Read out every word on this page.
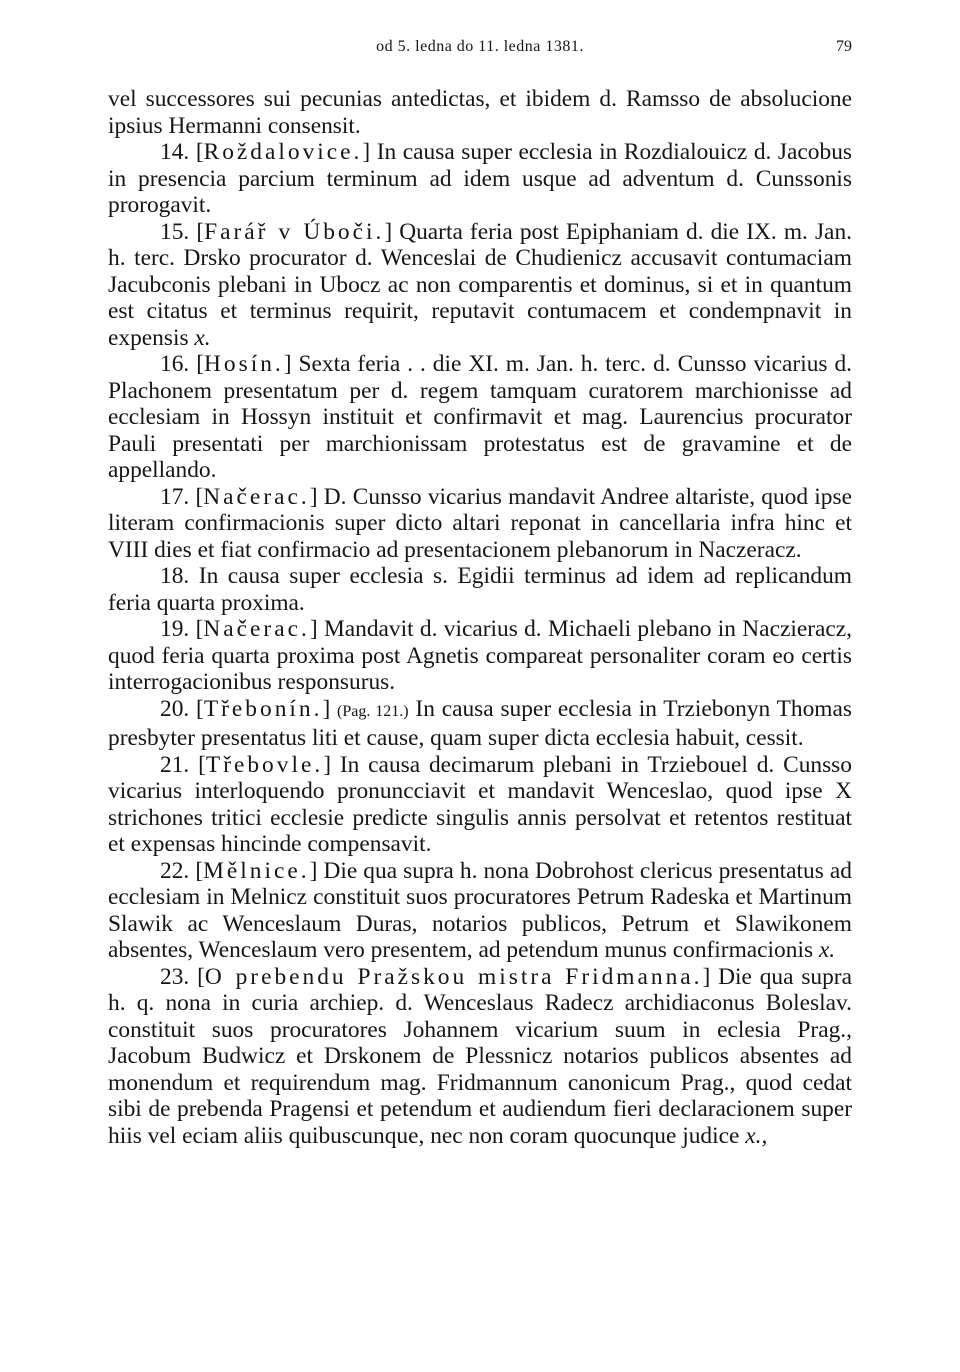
od 5. ledna do 11. ledna 1381.	79

vel successores sui pecunias antedictas, et ibidem d. Ramsso de absolucione ipsius Hermanni consensit.

14. [Roždalovice.] In causa super ecclesia in Rozdialouicz d. Jacobus in presencia parcium terminum ad idem usque ad adventum d. Cunssonis prorogavit.

15. [Farář v Úboči.] Quarta feria post Epiphaniam d. die IX. m. Jan. h. terc. Drsko procurator d. Wenceslai de Chudienicz accusavit contumaciam Jacubconis plebani in Ubocz ac non comparentis et dominus, si et in quantum est citatus et terminus requirit, reputavit contumacem et condempnavit in expensis x.

16. [Hosín.] Sexta feria . . die XI. m. Jan. h. terc. d. Cunsso vicarius d. Plachonem presentatum per d. regem tamquam curatorem marchionisse ad ecclesiam in Hossyn instituit et confirmavit et mag. Laurencius procurator Pauli presentati per marchionissam protestatus est de gravamine et de appellando.

17. [Načerac.] D. Cunsso vicarius mandavit Andree altariste, quod ipse literam confirmacionis super dicto altari reponat in cancellaria infra hinc et VIII dies et fiat confirmacio ad presentacionem plebanorum in Naczeracz.

18. In causa super ecclesia s. Egidii terminus ad idem ad replicandum feria quarta proxima.

19. [Načerac.] Mandavit d. vicarius d. Michaeli plebano in Naczieracz, quod feria quarta proxima post Agnetis compareat personaliter coram eo certis interrogacionibus responsurus.

20. [Třebonín.] (Pag. 121.) In causa super ecclesia in Trziebonyn Thomas presbyter presentatus liti et cause, quam super dicta ecclesia habuit, cessit.

21. [Třebovle.] In causa decimarum plebani in Trziebouel d. Cunsso vicarius interloquendo pronuncciavit et mandavit Wenceslao, quod ipse X strichones tritici ecclesie predicte singulis annis persolvat et retentos restituat et expensas hincinde compensavit.

22. [Mělnice.] Die qua supra h. nona Dobrohost clericus presentatus ad ecclesiam in Melnicz constituit suos procuratores Petrum Radeska et Martinum Slawik ac Wenceslaum Duras, notarios publicos, Petrum et Slawikonem absentes, Wenceslaum vero presentem, ad petendum munus confirmacionis x.

23. [O prebendu Pražskou mistra Fridmanna.] Die qua supra h. q. nona in curia archiep. d. Wenceslaus Radecz archidiaconus Boleslav. constituit suos procuratores Johannem vicarium suum in eclesia Prag., Jacobum Budwicz et Drskonem de Plessnicz notarios publicos absentes ad monendum et requirendum mag. Fridmannum canonicum Prag., quod cedat sibi de prebenda Pragensi et petendum et audiendum fieri declaracionem super hiis vel eciam aliis quibuscunque, nec non coram quocunque judice x.,
